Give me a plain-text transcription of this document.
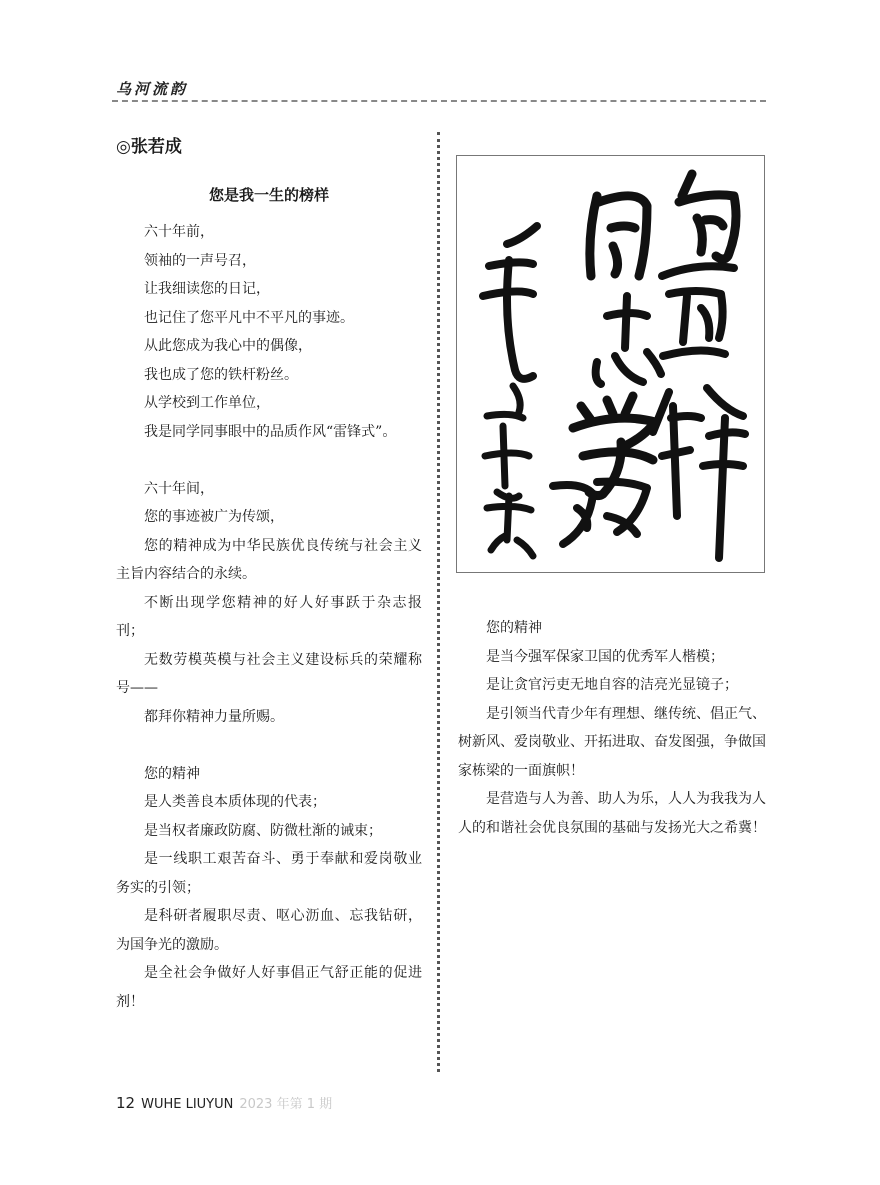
乌河流韵
◎张若成
您是我一生的榜样

六十年前，

领袖的一声号召，

让我细读您的日记，

也记住了您平凡中不平凡的事迹。

从此您成为我心中的偶像，

我也成了您的铁杆粉丝。

从学校到工作单位，

我是同学同事眼中的品质作风“雷锋式”。

六十年间，

您的事迹被广为传颂，

您的精神成为中华民族优良传统与社会主义主旨内容结合的永续。

不断出现学您精神的好人好事跃于杂志报刊；

无数劳模英模与社会主义建设标兵的荣耀称号——

都拜你精神力量所赐。

您的精神

是人类善良本质体现的代表；

是当权者廉政防腐、防微杜渐的诫束；

是一线职工艰苦奋斗、勇于奉献和爱岗敬业务实的引领；

是科研者履职尽责、呕心沥血、忘我钻研，为国争光的激励。

是全社会争做好人好事倡正气舒正能的促进剂！

您的精神

是当今强军保家卫国的优秀军人楷模；

是让贪官污吏无地自容的洁亮光显镜子；

是引领当代青少年有理想、继传统、倡正气、树新风、爱岗敬业、开拓进取、奋发图强，争做国家栋梁的一面旗帜！

是营造与人为善、助人为乐，人人为我我为人人的和谐社会优良氛围的基础与发扬光大之希冀！

12 WUHE LIUYUN 2023 年第 1 期
